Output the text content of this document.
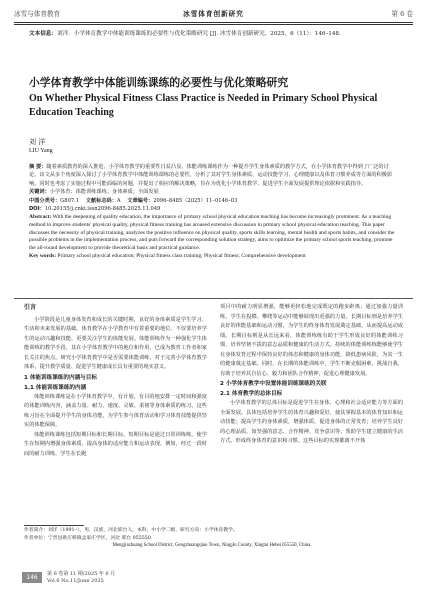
冰雪与体育教育	冰雪体育创新研究	第 6 卷
文本信息：刘洋．小学体育教学中体能训练课练的必要性与优化策略研究 [J]. 冰雪体育创新研究，2025，6（11）：146–148.
小学体育教学中体能训练课练的必要性与优化策略研究
On Whether Physical Fitness Class Practice is Needed in Primary School Physical Education Teaching
刘 洋
LIU Yang

摘 要：随着素质教育的深入推进，小学体育教学的重要性日益凸显。体能训练课练作为一种提升学生身体素质的教学方式，在小学体育教学中得到了广泛的讨论。该文从多个角度深入探讨了小学体育教学中体能训练课练的必要性，分析了其对学生身体素质、运动技能学习、心理健康以及体育习惯养成等方面的积极影响。同时也考虑了实施过程中可能面临的问题，并提出了相应的解决策略，旨在为优化小学体育教学、促进学生全面发展提供理论依据和实践指导。

关键词：小学体育；体能训练课练；身体素质；全面发展

中图分类号：G807.1 文献标志码：A 文章编号：2096–8485（2025）11–0146–03

DOI：10.20155/j.cnki.issn2096-8485.2025.11.049

Abstract: With the deepening of quality education, the importance of primary school physical education teaching has become increasingly prominent. As a teaching method to improve students' physical quality, physical fitness training has aroused extensive discussion in primary school physical education teaching. This paper discusses the necessity of physical training, analyzes the positive influence on physical quality, sports skills learning, mental health and sports habits, and consider the possible problems in the implementation process, and puts forward the corresponding solution strategy, aims to optimize the primary school sports teaching, promote the all-round development to provide theoretical basis and practical guidance.

Key words: Primary school physical education; Physical fitness class training; Physical fitness; Comprehensive development

引言

小学阶段是儿童身体发育和成长的关键时期，良好的身体素质是学生学习、生活和未来发展的基础。体育教学在小学教育中有着重要的地位，不仅要培养学生的运动兴趣和技能，更要关注学生的体能发展。体能训练作为一种强化学生体能训练的教学手段，其在小学体育教学中的地位和作用，已成为教育工作者和家长关注的焦点。研究小学体育教学中是否需要体能训练，对于完善小学体育教学体系、提升教学质量、促进学生健康成长具有重要的现实意义。

1 体能训练课练的内涵与目标
1.1 体能训练课练的内涵

体能训练课练是在小学体育教学中，有计划、有目的地安排一定时间和强度的体能训练内容，涵盖力量、耐力、速度、灵敏、柔韧等身体素质的练习。这些练习旨在全面提升学生的身体功能，为学生参与体育活动和学习体育技能提供坚实的体能保障。

体能训练课练包括短期目标和长期目标。短期目标是通过日常训练练，使学生在短期内增强身体素质，提高身体的适应能力和运动表现。例如，经过一段时间的耐力训练，学生在长跑

项目中的耐力明显增强，能够更轻松地完成既定的跑步距离；通过加强力量训练，学生在投掷、攀爬等运动中能够展现出更强的力量。长期目标则是培养学生良好的体能基础和运动习惯，为学生的终身体育发展奠定基础。从而提高运动成绩。长期目标则是从长远来看，体能训练练有助于学生形成良好的体能训练习惯，培养坚韧不拔的意志品质和健康的生活方式。持续的体能训练练能够使学生在身体发育过程中保持良好的体态和健康的身体功能，降低患病风险，为其一生的健康奠定基础。同时，在长期的体能训练中，学生不断克服困难，挑战自我，有助于培养其自信心、毅力和团队合作精神，促进心理健康发展。

2 小学体育教学中设置体能训练课练的关联
2.1 体育教学的总体目标

小学体育教学的总体目标是促进学生在身体、心理和社会适应能力等方面的全面发展。具体包括培养学生的体育兴趣和爱好，使其掌握基本的体育知识和运动技能；提高学生的身体素质，增强体质，促进身体的正常发育；培养学生良好的心理品质，如坚强的意志、合作精神、竞争意识等；帮助学生建立健康的生活方式。形成终身体育的意识和习惯。这些目标的实现都离不开体

作者简介：刘洋（1991–），男，汉族，河北邢台人，本科，中小学二级，研究方向：小学体育教学。

作者单位：宁晋县耿庄桥镇孟家庄学区，河北 邢台 055550

Mengjiazhuang School District, Gengzhuangqiao Town, Ningjin County, Xingtai Hebei 055550, China

146	第 6 卷第 11 期/2025 年 6 月
Vol.6 No.11/June 2025
